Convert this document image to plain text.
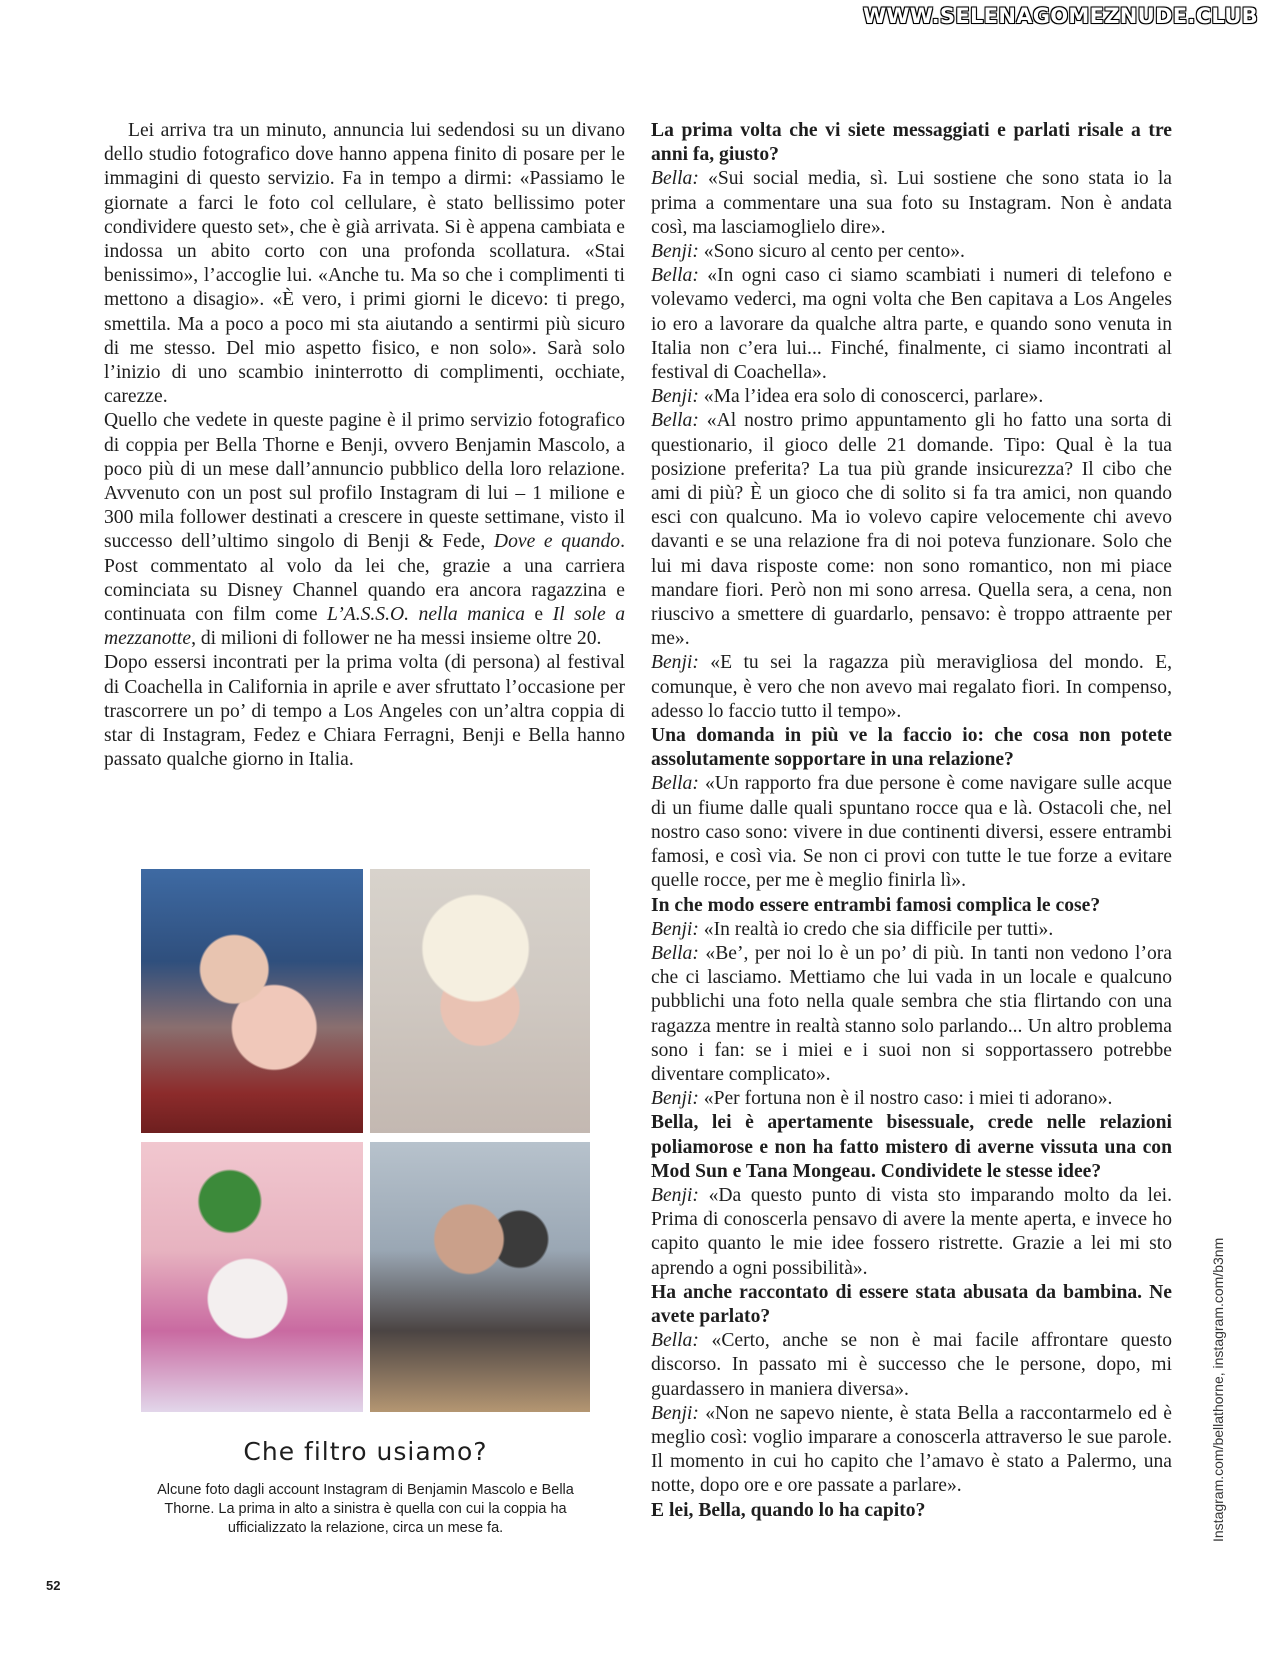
WWW.SELENAGOMEZNUDE.CLUB

Lei arriva tra un minuto, annuncia lui sedendosi su un divano dello studio fotografico dove hanno appena finito di posare per le immagini di questo servizio. Fa in tempo a dirmi: «Passiamo le giornate a farci le foto col cellulare, è stato bellissimo poter condividere questo set», che è già arrivata. Si è appena cambiata e indossa un abito corto con una profonda scollatura. «Stai benissimo», l’accoglie lui. «Anche tu. Ma so che i complimenti ti mettono a disagio». «È vero, i primi giorni le dicevo: ti prego, smettila. Ma a poco a poco mi sta aiutando a sentirmi più sicuro di me stesso. Del mio aspetto fisico, e non solo». Sarà solo l’inizio di uno scambio ininterrotto di complimenti, occhiate, carezze.

Quello che vedete in queste pagine è il primo servizio fotografico di coppia per Bella Thorne e Benji, ovvero Benjamin Mascolo, a poco più di un mese dall’annuncio pubblico della loro relazione. Avvenuto con un post sul profilo Instagram di lui – 1 milione e 300 mila follower destinati a crescere in queste settimane, visto il successo dell’ultimo singolo di Benji & Fede, Dove e quando. Post commentato al volo da lei che, grazie a una carriera cominciata su Disney Channel quando era ancora ragazzina e continuata con film come L’A.S.S.O. nella manica e Il sole a mezzanotte, di milioni di follower ne ha messi insieme oltre 20.

Dopo essersi incontrati per la prima volta (di persona) al festival di Coachella in California in aprile e aver sfruttato l’occasione per trascorrere un po’ di tempo a Los Angeles con un’altra coppia di star di Instagram, Fedez e Chiara Ferragni, Benji e Bella hanno passato qualche giorno in Italia.

La prima volta che vi siete messaggiati e parlati risale a tre anni fa, giusto?

Bella: «Sui social media, sì. Lui sostiene che sono stata io la prima a commentare una sua foto su Instagram. Non è andata così, ma lasciamoglielo dire».

Benji: «Sono sicuro al cento per cento».

Bella: «In ogni caso ci siamo scambiati i numeri di telefono e volevamo vederci, ma ogni volta che Ben capitava a Los Angeles io ero a lavorare da qualche altra parte, e quando sono venuta in Italia non c’era lui... Finché, finalmente, ci siamo incontrati al festival di Coachella».

Benji: «Ma l’idea era solo di conoscerci, parlare».

Bella: «Al nostro primo appuntamento gli ho fatto una sorta di questionario, il gioco delle 21 domande. Tipo: Qual è la tua posizione preferita? La tua più grande insicurezza? Il cibo che ami di più? È un gioco che di solito si fa tra amici, non quando esci con qualcuno. Ma io volevo capire velocemente chi avevo davanti e se una relazione fra di noi poteva funzionare. Solo che lui mi dava risposte come: non sono romantico, non mi piace mandare fiori. Però non mi sono arresa. Quella sera, a cena, non riuscivo a smettere di guardarlo, pensavo: è troppo attraente per me».

Benji: «E tu sei la ragazza più meravigliosa del mondo. E, comunque, è vero che non avevo mai regalato fiori. In compenso, adesso lo faccio tutto il tempo».

Una domanda in più ve la faccio io: che cosa non potete assolutamente sopportare in una relazione?

Bella: «Un rapporto fra due persone è come navigare sulle acque di un fiume dalle quali spuntano rocce qua e là. Ostacoli che, nel nostro caso sono: vivere in due continenti diversi, essere entrambi famosi, e così via. Se non ci provi con tutte le tue forze a evitare quelle rocce, per me è meglio finirla lì».

In che modo essere entrambi famosi complica le cose?

Benji: «In realtà io credo che sia difficile per tutti».

Bella: «Be’, per noi lo è un po’ di più. In tanti non vedono l’ora che ci lasciamo. Mettiamo che lui vada in un locale e qualcuno pubblichi una foto nella quale sembra che stia flirtando con una ragazza mentre in realtà stanno solo parlando... Un altro problema sono i fan: se i miei e i suoi non si sopportassero potrebbe diventare complicato».

Benji: «Per fortuna non è il nostro caso: i miei ti adorano».

Bella, lei è apertamente bisessuale, crede nelle relazioni poliamorose e non ha fatto mistero di averne vissuta una con Mod Sun e Tana Mongeau. Condividete le stesse idee?

Benji: «Da questo punto di vista sto imparando molto da lei. Prima di conoscerla pensavo di avere la mente aperta, e invece ho capito quanto le mie idee fossero ristrette. Grazie a lei mi sto aprendo a ogni possibilità».

Ha anche raccontato di essere stata abusata da bambina. Ne avete parlato?

Bella: «Certo, anche se non è mai facile affrontare questo discorso. In passato mi è successo che le persone, dopo, mi guardassero in maniera diversa».

Benji: «Non ne sapevo niente, è stata Bella a raccontarmelo ed è meglio così: voglio imparare a conoscerla attraverso le sue parole. Il momento in cui ho capito che l’amavo è stato a Palermo, una notte, dopo ore e ore passate a parlare».

E lei, Bella, quando lo ha capito?

Che filtro usiamo?
Alcune foto dagli account Instagram di Benjamin Mascolo e Bella Thorne. La prima in alto a sinistra è quella con cui la coppia ha ufficializzato la relazione, circa un mese fa.
52
Instagram.com/bellathorne, instagram.com/b3nm
